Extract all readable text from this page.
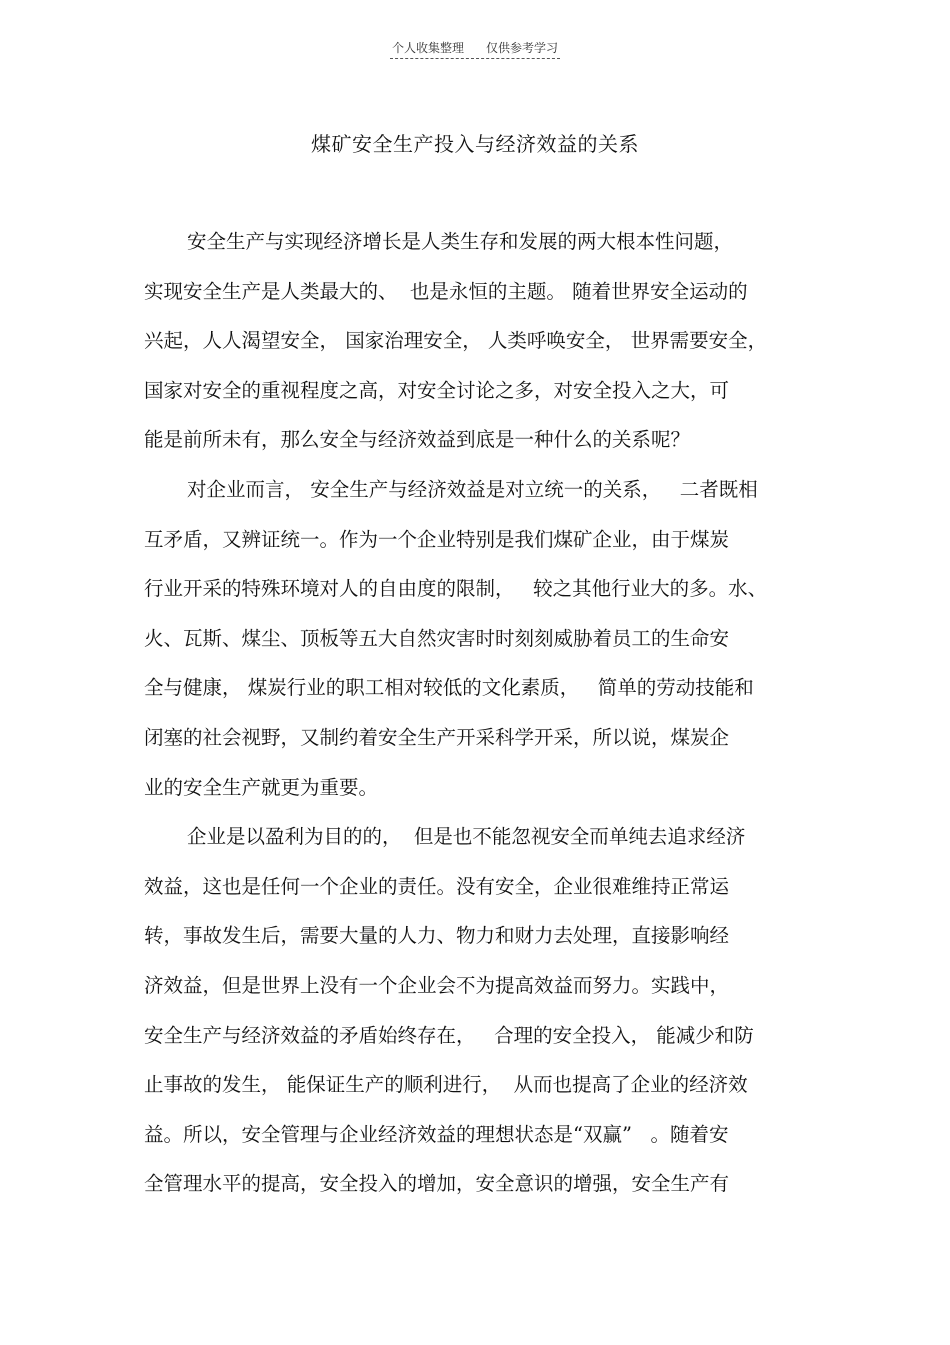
个人收集整理 仅供参考学习
煤矿安全生产投入与经济效益的关系
安全生产与实现经济增长是人类生存和发展的两大根本性问题，
实现安全生产是人类最大的、  也是永恒的主题。 随着世界安全运动的
兴起，人人渴望安全， 国家治理安全， 人类呼唤安全， 世界需要安全，
国家对安全的重视程度之高，对安全讨论之多，对安全投入之大，可
能是前所未有，那么安全与经济效益到底是一种什么的关系呢？
对企业而言， 安全生产与经济效益是对立统一的关系，   二者既相
互矛盾，又辨证统一。作为一个企业特别是我们煤矿企业，由于煤炭
行业开采的特殊环境对人的自由度的限制，   较之其他行业大的多。水、
火、瓦斯、煤尘、顶板等五大自然灾害时时刻刻威胁着员工的生命安
全与健康， 煤炭行业的职工相对较低的文化素质，   简单的劳动技能和
闭塞的社会视野，又制约着安全生产开采科学开采，所以说，煤炭企
业的安全生产就更为重要。
企业是以盈利为目的的，  但是也不能忽视安全而单纯去追求经济
效益，这也是任何一个企业的责任。没有安全，企业很难维持正常运
转，事故发生后，需要大量的人力、物力和财力去处理，直接影响经
济效益，但是世界上没有一个企业会不为提高效益而努力。实践中，
安全生产与经济效益的矛盾始终存在，   合理的安全投入， 能减少和防
止事故的发生， 能保证生产的顺利进行，  从而也提高了企业的经济效
益。所以，安全管理与企业经济效益的理想状态是“双赢”   。随着安
全管理水平的提高，安全投入的增加，安全意识的增强，安全生产有
